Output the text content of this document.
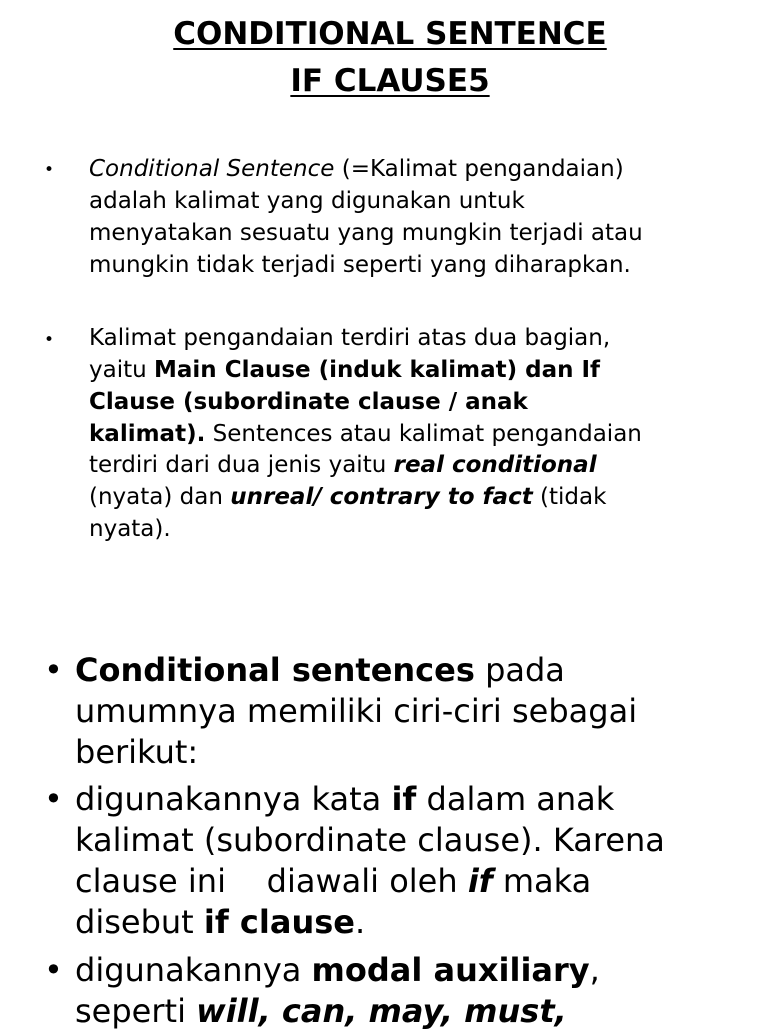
CONDITIONAL SENTENCE
IF CLAUSE5
• Conditional Sentence (=Kalimat pengandaian)
adalah kalimat yang digunakan untuk
menyatakan sesuatu yang mungkin terjadi atau
mungkin tidak terjadi seperti yang diharapkan.
• Kalimat pengandaian terdiri atas dua bagian,
yaitu Main Clause (induk kalimat) dan If
Clause (subordinate clause / anak
kalimat). Sentences atau kalimat pengandaian
terdiri dari dua jenis yaitu real conditional
(nyata) dan unreal/ contrary to fact (tidak
nyata).
• Conditional sentences pada
umumnya memiliki ciri-ciri sebagai
berikut:
• digunakannya kata if dalam anak
kalimat (subordinate clause). Karena
clause ini    diawali oleh if maka
disebut if clause.
• digunakannya modal auxiliary,
seperti will, can, may, must,
